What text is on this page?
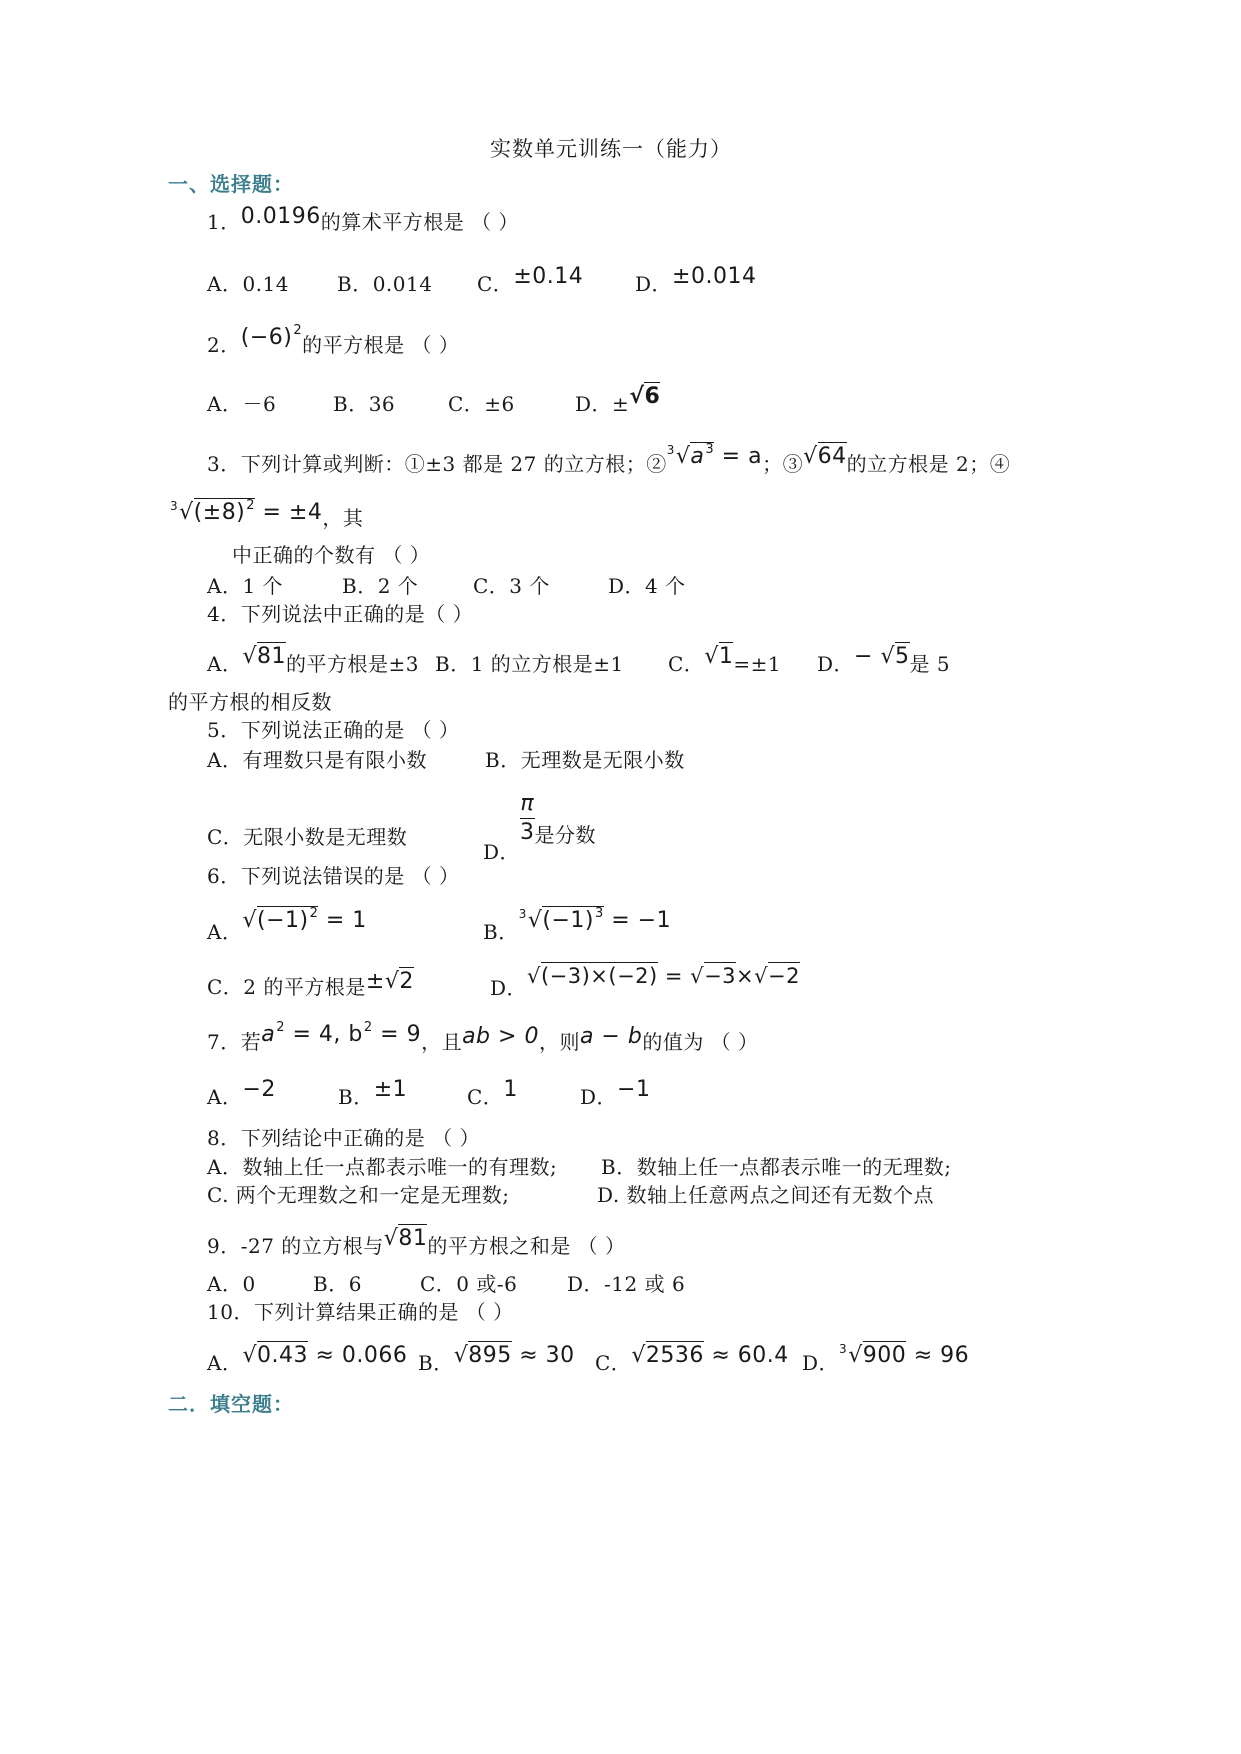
实数单元训练一（能力）
一、选择题：
1．0.0196的算术平方根是 （ ）
A．0.14 B．0.014 C．±0.14	D．±0.014
2．$(-6)^2$的平方根是 （ ）
A．－6	B．36	C．±6	D．±√6
3．下列计算或判断：①±3 都是 27 的立方根；$②^3√a^3 = a$；③√64的立方根是 2；④
$^3√(\pm 8)^2 = \pm 4$，其
中正确的个数有 （ ）
A．1 个	B．2 个	C．3 个	D．4 个
4．下列说法中正确的是（ ）
A．√81的平方根是±3 B．1 的立方根是±1 C．√1=±1 D．− √5是 5
的平方根的相反数
5．下列说法正确的是 （ ）
A．有理数只是有限小数	B．无理数是无限小数
C．无限小数是无理数
D．
$\frac{\pi}{3}$ 是分数
6．下列说法错误的是 （ ）
A．$√(-1)^2 = 1$	B．$^3√(-1)^3 = -1$
C．2 的平方根是±√2	D．√(−3)×(−2) = √−3×√−2
7．若$a^2 = 4$, $b^2 = 9$，且ab > 0，则a − b的值为 （ ）
A．−2	B．±1	C．1	D．−1
8．下列结论中正确的是 （ ）
A．数轴上任一点都表示唯一的有理数; B．数轴上任一点都表示唯一的无理数;
C. 两个无理数之和一定是无理数;	D. 数轴上任意两点之间还有无数个点
9．-27 的立方根与√81的平方根之和是 （ ）
A．0	B．6	C．0 或-6 D．-12 或 6
10．下列计算结果正确的是 （ ）
A．√0.43 ≈ 0.066 B．√895 ≈ 30 C．√2536 ≈ 60.4 D．$^3$√900 ≈ 96
二．填空题：
